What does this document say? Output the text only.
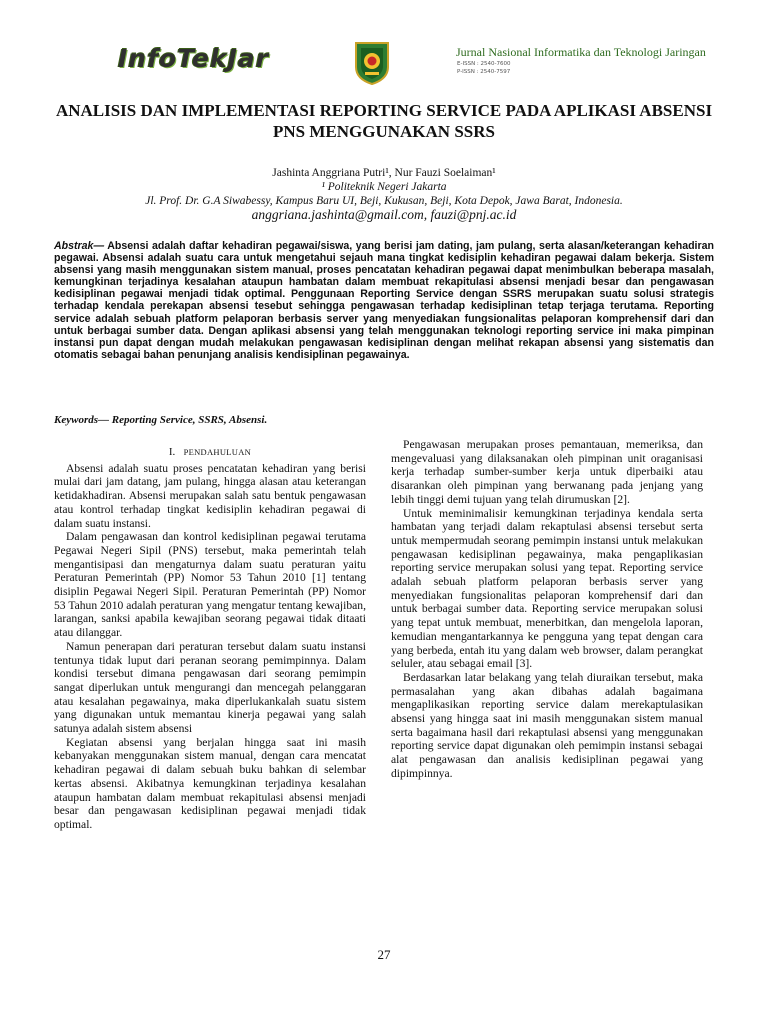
InfoTekJar	Jurnal Nasional Informatika dan Teknologi Jaringan
E-ISSN : 2540-7600
P-ISSN : 2540-7597
ANALISIS DAN IMPLEMENTASI REPORTING SERVICE PADA APLIKASI ABSENSI PNS MENGGUNAKAN SSRS
Jashinta Anggriana Putri¹, Nur Fauzi Soelaiman¹
¹ Politeknik Negeri Jakarta
Jl. Prof. Dr. G.A Siwabessy, Kampus Baru UI, Beji, Kukusan, Beji, Kota Depok, Jawa Barat, Indonesia.
anggriana.jashinta@gmail.com, fauzi@pnj.ac.id
Abstrak— Absensi adalah daftar kehadiran pegawai/siswa, yang berisi jam dating, jam pulang, serta alasan/keterangan kehadiran pegawai. Absensi adalah suatu cara untuk mengetahui sejauh mana tingkat kedisiplin kehadiran pegawai dalam bekerja. Sistem absensi yang masih menggunakan sistem manual, proses pencatatan kehadiran pegawai dapat menimbulkan beberapa masalah, kemungkinan terjadinya kesalahan ataupun hambatan dalam membuat rekapitulasi absensi menjadi besar dan pengawasan kedisiplinan pegawai menjadi tidak optimal. Penggunaan Reporting Service dengan SSRS merupakan suatu solusi strategis terhadap kendala perekapan absensi tesebut sehingga pengawasan terhadap kedisiplinan tetap terjaga terutama. Reporting service adalah sebuah platform pelaporan berbasis server yang menyediakan fungsionalitas pelaporan komprehensif dari dan untuk berbagai sumber data. Dengan aplikasi absensi yang telah menggunakan teknologi reporting service ini maka pimpinan instansi pun dapat dengan mudah melakukan pengawasan kedisiplinan dengan melihat rekapan absensi yang sistematis dan otomatis sebagai bahan penunjang analisis kendisiplinan pegawainya.
Keywords— Reporting Service, SSRS, Absensi.
I. PENDAHULUAN

Absensi adalah suatu proses pencatatan kehadiran yang berisi mulai dari jam datang, jam pulang, hingga alasan atau keterangan ketidakhadiran. Absensi merupakan salah satu bentuk pengawasan atau kontrol terhadap tingkat kedisiplin kehadiran pegawai di dalam suatu instansi.

Dalam pengawasan dan kontrol kedisiplinan pegawai terutama Pegawai Negeri Sipil (PNS) tersebut, maka pemerintah telah mengantisipasi dan mengaturnya dalam suatu peraturan yaitu Peraturan Pemerintah (PP) Nomor 53 Tahun 2010 [1] tentang disiplin Pegawai Negeri Sipil. Peraturan Pemerintah (PP) Nomor 53 Tahun 2010 adalah peraturan yang mengatur tentang kewajiban, larangan, sanksi apabila kewajiban seorang pegawai tidak ditaati atau dilanggar.

Namun penerapan dari peraturan tersebut dalam suatu instansi tentunya tidak luput dari peranan seorang pemimpinnya. Dalam kondisi tersebut dimana pengawasan dari seorang pemimpin sangat diperlukan untuk mengurangi dan mencegah pelanggaran atau kesalahan pegawainya, maka diperlukankalah suatu sistem yang digunakan untuk memantau kinerja pegawai yang salah satunya adalah sistem absensi

Kegiatan absensi yang berjalan hingga saat ini masih kebanyakan menggunakan sistem manual, dengan cara mencatat kehadiran pegawai di dalam sebuah buku bahkan di selembar kertas absensi. Akibatnya kemungkinan terjadinya kesalahan ataupun hambatan dalam membuat rekapitulasi absensi menjadi besar dan pengawasan kedisiplinan pegawai menjadi tidak optimal.

Pengawasan merupakan proses pemantauan, memeriksa, dan mengevaluasi yang dilaksanakan oleh pimpinan unit oraganisasi kerja terhadap sumber-sumber kerja untuk diperbaiki atau disarankan oleh pimpinan yang berwanang pada jenjang yang lebih tinggi demi tujuan yang telah dirumuskan [2].

Untuk meminimalisir kemungkinan terjadinya kendala serta hambatan yang terjadi dalam rekaptulasi absensi tersebut serta untuk mempermudah seorang pemimpin instansi untuk melakukan pengawasan kedisiplinan pegawainya, maka pengaplikasian reporting service merupakan solusi yang tepat. Reporting service adalah sebuah platform pelaporan berbasis server yang menyediakan fungsionalitas pelaporan komprehensif dari dan untuk berbagai sumber data. Reporting service merupakan solusi yang tepat untuk membuat, menerbitkan, dan mengelola laporan, kemudian mengantarkannya ke pengguna yang tepat dengan cara yang berbeda, entah itu yang dalam web browser, dalam perangkat seluler, atau sebagai email [3].

Berdasarkan latar belakang yang telah diuraikan tersebut, maka permasalahan yang akan dibahas adalah bagaimana mengaplikasikan reporting service dalam merekaptulasikan absensi yang hingga saat ini masih menggunakan sistem manual serta bagaimana hasil dari rekaptulasi absensi yang menggunakan reporting service dapat digunakan oleh pemimpin instansi sebagai alat pengawasan dan analisis kedisiplinan pegawai yang dipimpinnya.

27
